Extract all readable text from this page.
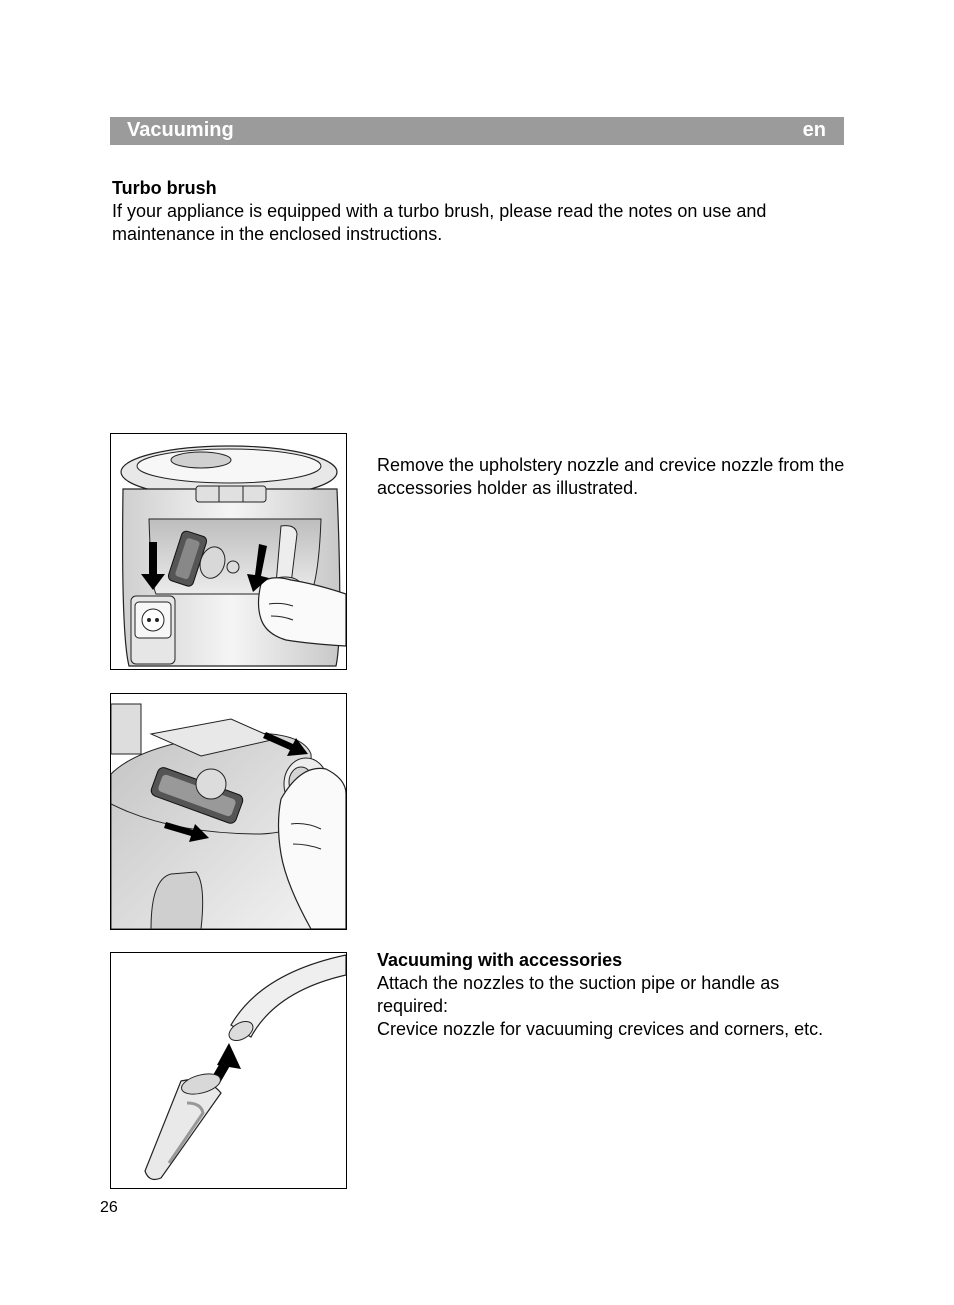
Vacuuming	en
Turbo brush
If your appliance is equipped with a turbo brush, please read the notes on use and maintenance in the enclosed instructions.
Remove the upholstery nozzle and crevice nozzle from the accessories holder as illustrated.
Vacuuming with accessories
Attach the nozzles to the suction pipe or handle as required:
Crevice nozzle for vacuuming crevices and corners, etc.
26
